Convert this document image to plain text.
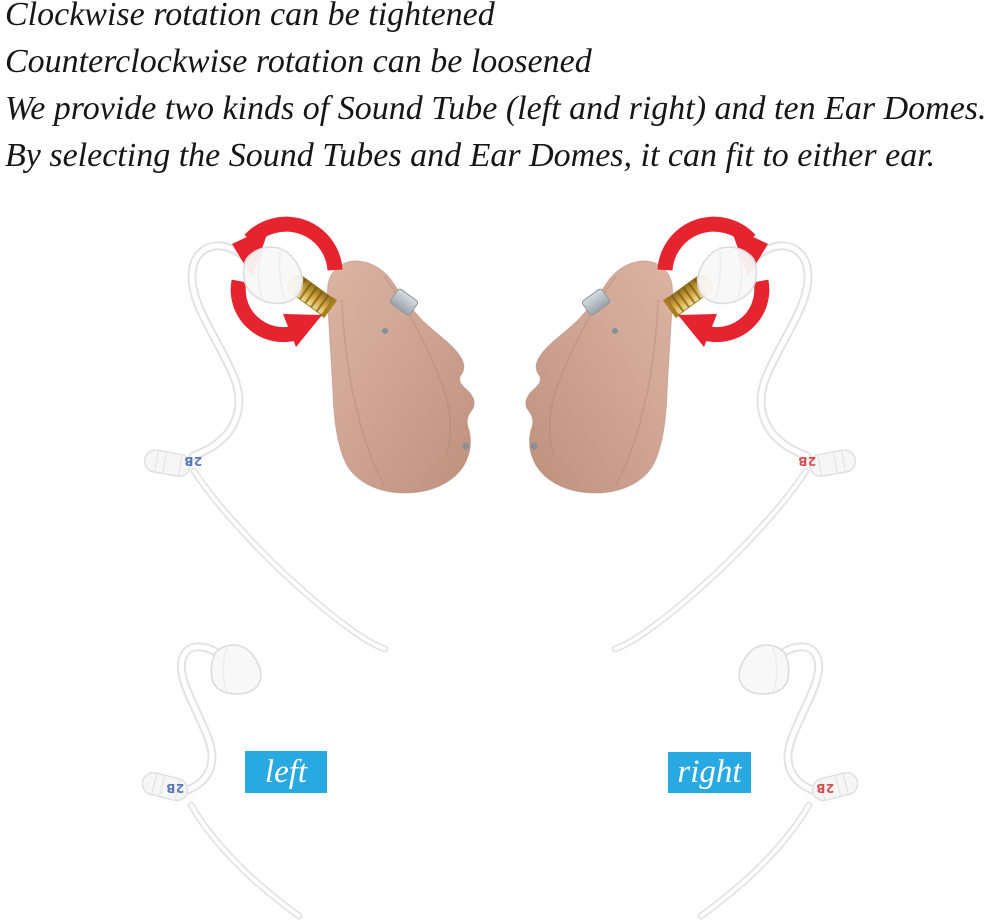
Clockwise rotation can be tightened
Counterclockwise rotation can be loosened
We provide two kinds of Sound Tube (left and right) and ten Ear Domes.
By selecting the Sound Tubes and Ear Domes, it can fit to either ear.
2B	2B
2B	2B
left	right
